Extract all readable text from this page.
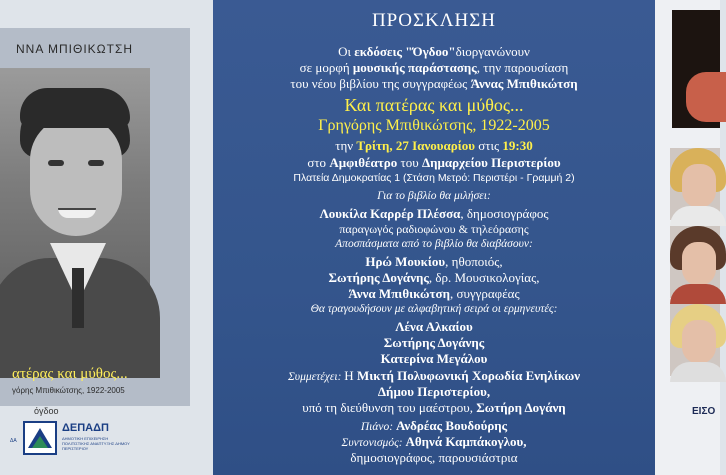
ΝΝΑ ΜΠΙΘΙΚΩΤΣΗ
ατέρας και μύθος...
γόρης Μπιθικώτσης, 1922-2005
όγδοο
ΔΑ
ΔΕΠΑΔΠ
ΔΗΜΟΤΙΚΗ ΕΠΙΧΕΙΡΗΣΗ ΠΟΛΙΤΙΣΤΙΚΗΣ ΑΝΑΠΤΥΞΗΣ ΔΗΜΟΥ ΠΕΡΙΣΤΕΡΙΟΥ
ΠΡΟΣΚΛΗΣΗ
Οι εκδόσεις "Όγδοο"διοργανώνουν
σε μορφή μουσικής παράστασης, την παρουσίαση
του νέου βιβλίου της συγγραφέως Άννας Μπιθικώτση
Και πατέρας και μύθος...
Γρηγόρης Μπιθικώτσης, 1922-2005
την Τρίτη, 27 Ιανουαρίου στις 19:30
στο Αμφιθέατρο του Δημαρχείου Περιστερίου
Πλατεία Δημοκρατίας 1 (Στάση Μετρό: Περιστέρι - Γραμμή 2)
Για το βιβλίο θα μιλήσει:
Λουκίλα Καρρέρ Πλέσσα, δημοσιογράφος
παραγωγός ραδιοφώνου & τηλεόρασης
Αποσπάσματα από το βιβλίο θα διαβάσουν:
Ηρώ Μουκίου, ηθοποιός,
Σωτήρης Δογάνης, δρ. Μουσικολογίας,
Άννα Μπιθικώτση, συγγραφέας
Θα τραγουδήσουν με αλφαβητική σειρά οι ερμηνευτές:
Λένα Αλκαίου
Σωτήρης Δογάνης
Κατερίνα Μεγάλου
Συμμετέχει: Η Μικτή Πολυφωνική Χορωδία Ενηλίκων
Δήμου Περιστερίου,
υπό τη διεύθυνση του μαέστρου, Σωτήρη Δογάνη
Πιάνο: Ανδρέας Βουδούρης
Συντονισμός: Αθηνά Καμπάκογλου,
δημοσιογράφος, παρουσιάστρια
ΕΙΣΟ
